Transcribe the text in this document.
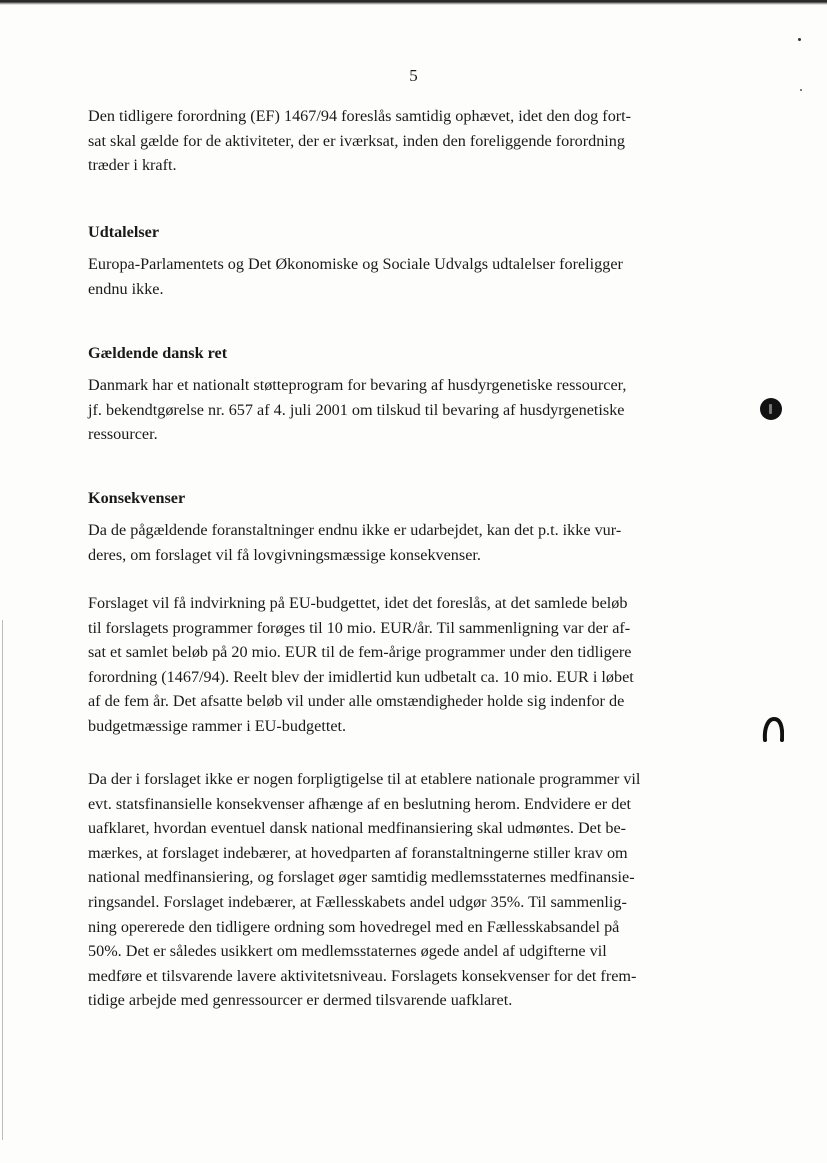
5

Den tidligere forordning (EF) 1467/94 foreslås samtidig ophævet, idet den dog fort-
sat skal gælde for de aktiviteter, der er iværksat, inden den foreliggende forordning
træder i kraft.

Udtalelser

Europa-Parlamentets og Det Økonomiske og Sociale Udvalgs udtalelser foreligger
endnu ikke.

Gældende dansk ret

Danmark har et nationalt støtteprogram for bevaring af husdyrgenetiske ressourcer,
jf. bekendtgørelse nr. 657 af 4. juli 2001 om tilskud til bevaring af husdyrgenetiske
ressourcer.

Konsekvenser

Da de pågældende foranstaltninger endnu ikke er udarbejdet, kan det p.t. ikke vur-
deres, om forslaget vil få lovgivningsmæssige konsekvenser.

Forslaget vil få indvirkning på EU-budgettet, idet det foreslås, at det samlede beløb
til forslagets programmer forøges til 10 mio. EUR/år. Til sammenligning var der af-
sat et samlet beløb på 20 mio. EUR til de fem-årige programmer under den tidligere
forordning (1467/94). Reelt blev der imidlertid kun udbetalt ca. 10 mio. EUR i løbet
af de fem år. Det afsatte beløb vil under alle omstændigheder holde sig indenfor de
budgetmæssige rammer i EU-budgettet.

Da der i forslaget ikke er nogen forpligtigelse til at etablere nationale programmer vil
evt. statsfinansielle konsekvenser afhænge af en beslutning herom. Endvidere er det
uafklaret, hvordan eventuel dansk national medfinansiering skal udmøntes. Det be-
mærkes, at forslaget indebærer, at hovedparten af foranstaltningerne stiller krav om
national medfinansiering, og forslaget øger samtidig medlemsstaternes medfinansie-
ringsandel. Forslaget indebærer, at Fællesskabets andel udgør 35%. Til sammenlig-
ning opererede den tidligere ordning som hovedregel med en Fællesskabsandel på
50%. Det er således usikkert om medlemsstaternes øgede andel af udgifterne vil
medføre et tilsvarende lavere aktivitetsniveau. Forslagets konsekvenser for det frem-
tidige arbejde med genressourcer er dermed tilsvarende uafklaret.
